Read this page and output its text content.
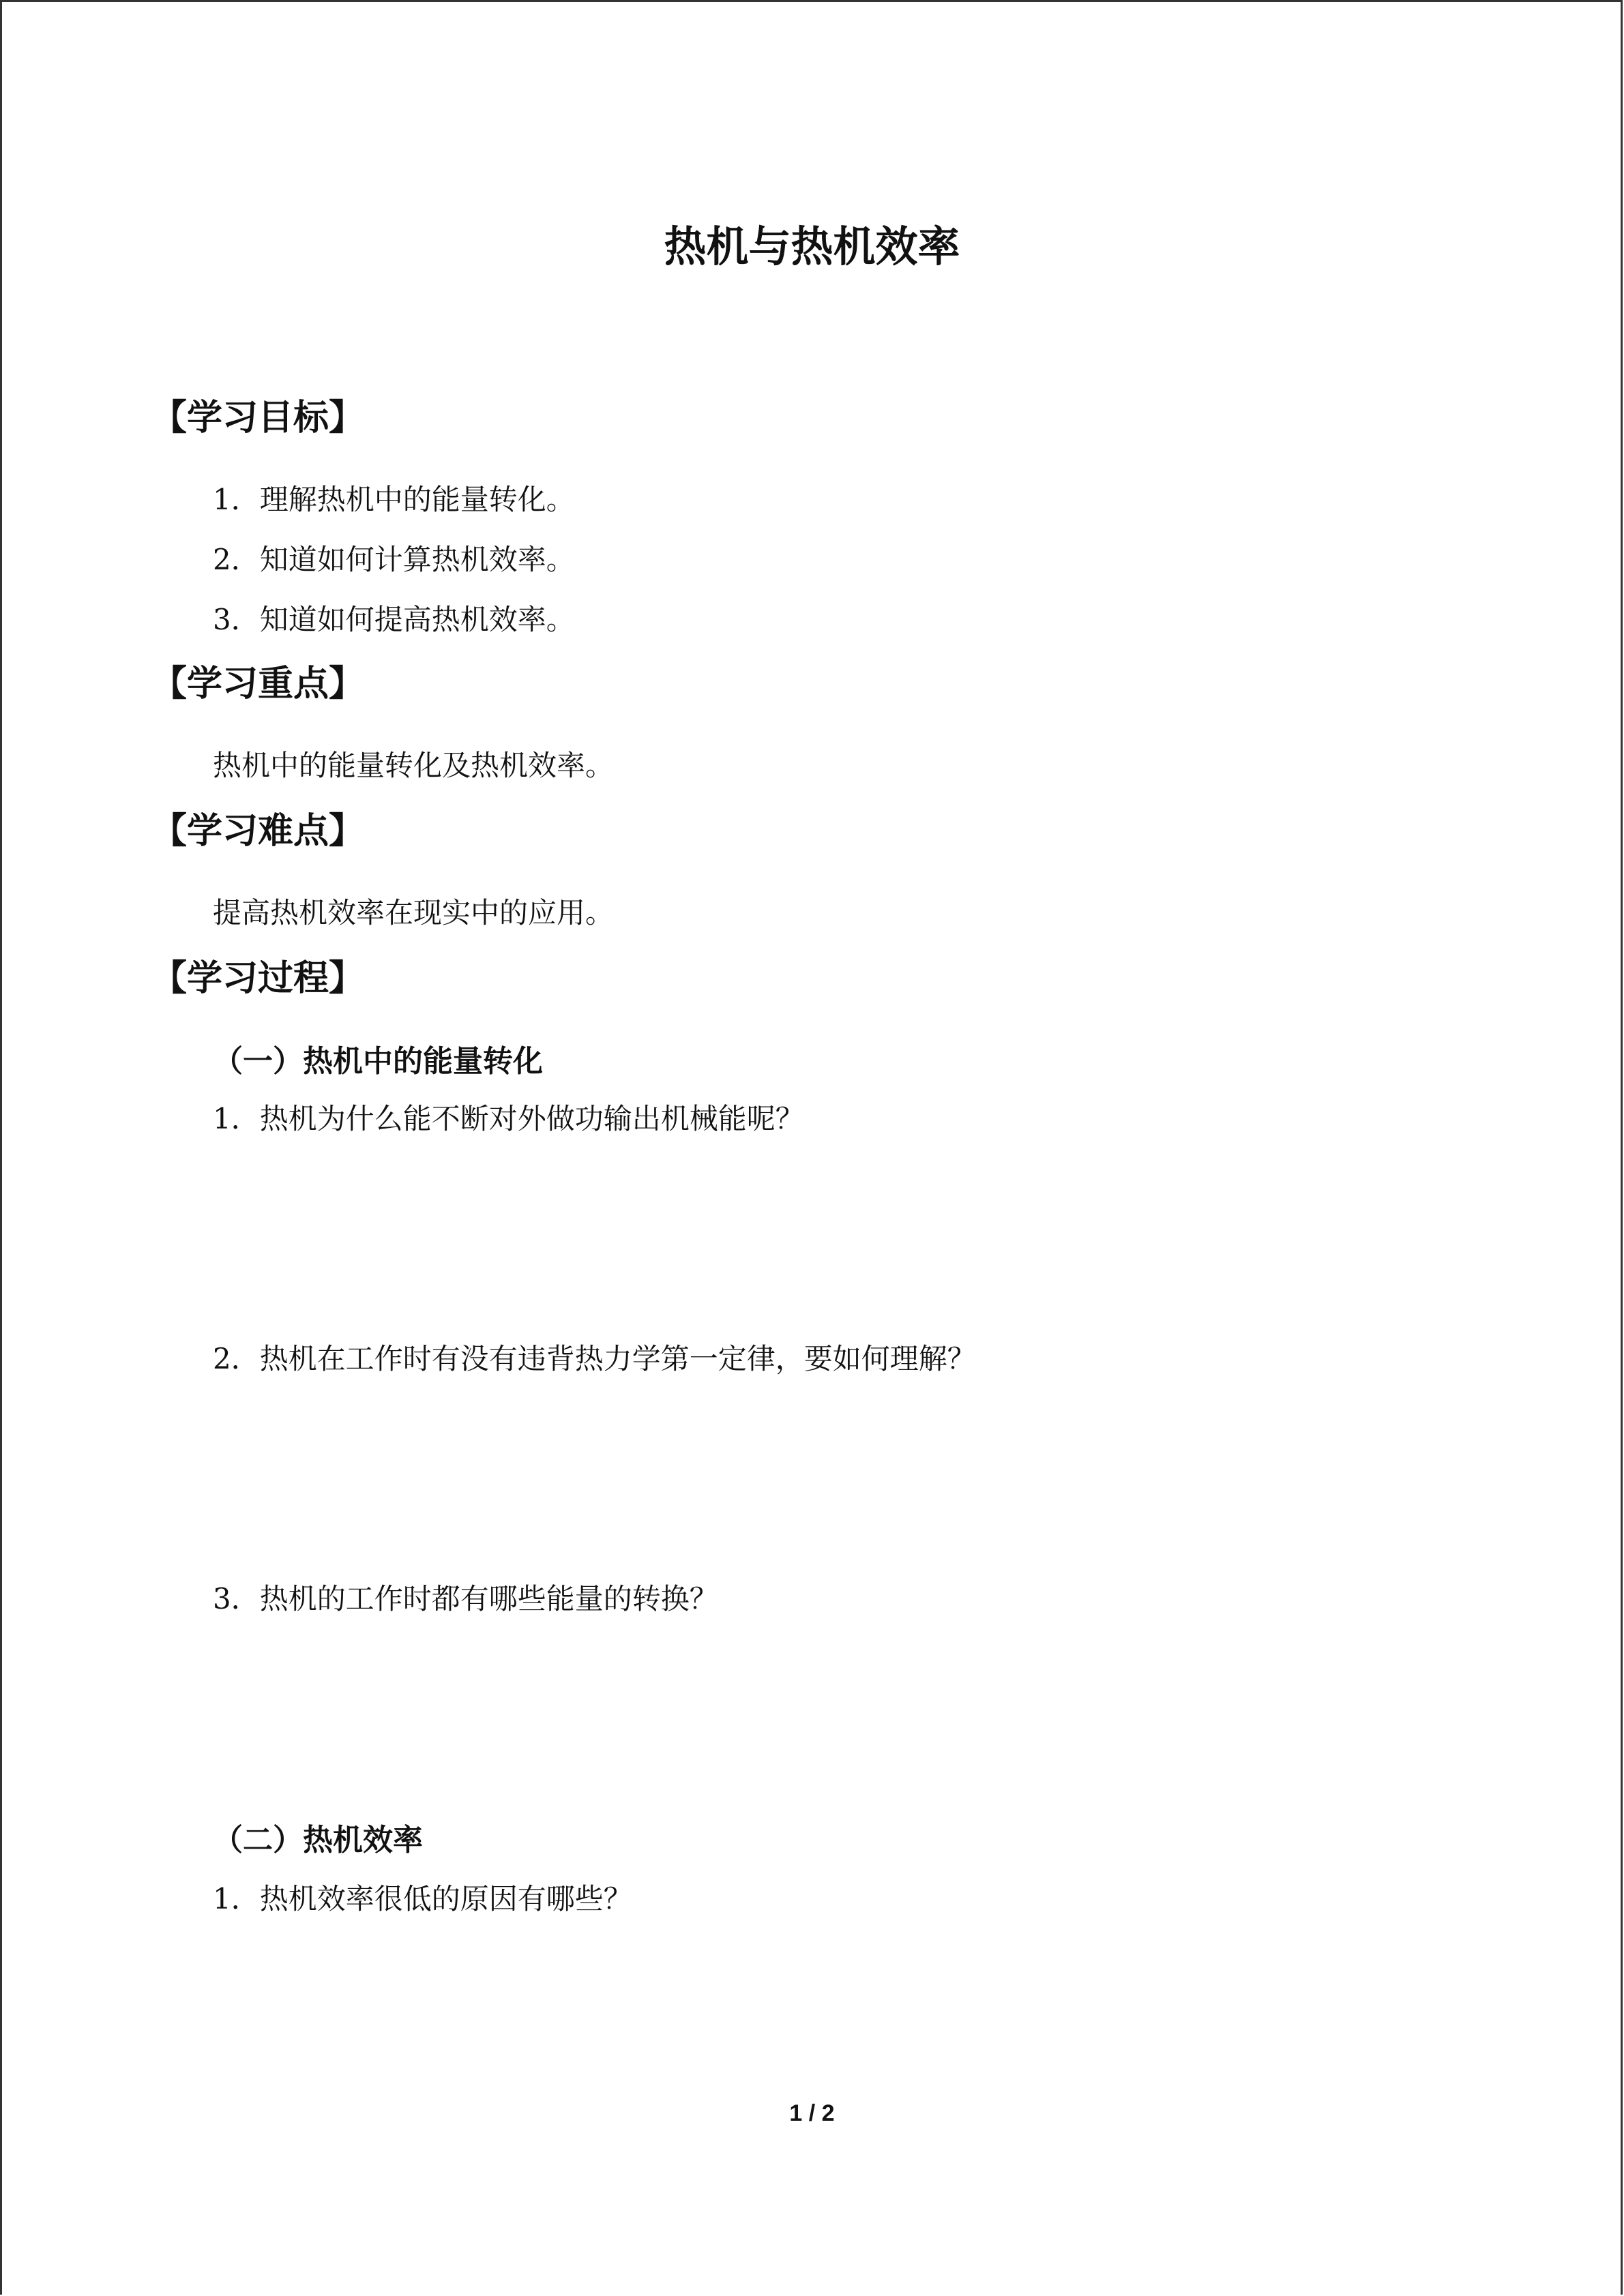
热机与热机效率
【学习目标】
1．理解热机中的能量转化。
2．知道如何计算热机效率。
3．知道如何提高热机效率。
【学习重点】
热机中的能量转化及热机效率。
【学习难点】
提高热机效率在现实中的应用。
【学习过程】
（一）热机中的能量转化
1．热机为什么能不断对外做功输出机械能呢？
2．热机在工作时有没有违背热力学第一定律，要如何理解？
3．热机的工作时都有哪些能量的转换？
（二）热机效率
1．热机效率很低的原因有哪些？
1 / 2
